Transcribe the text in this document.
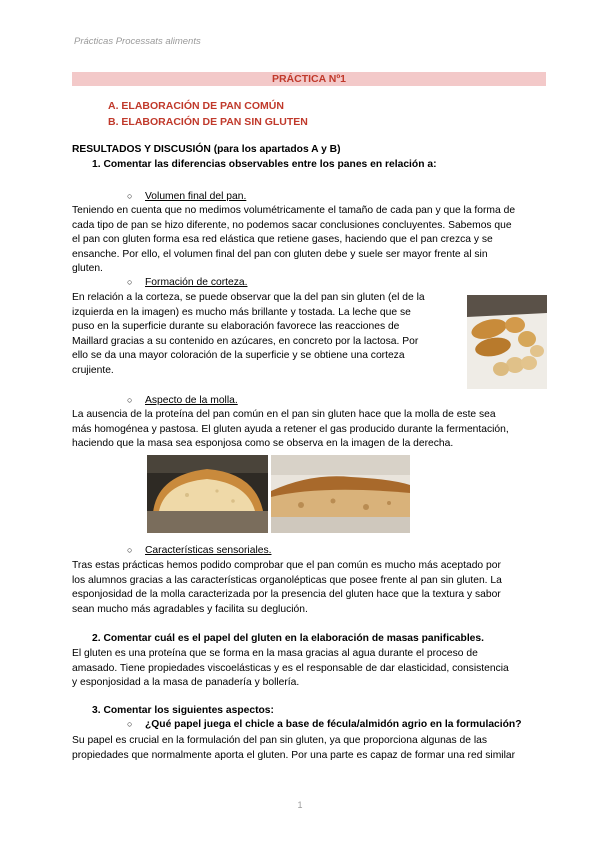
Prácticas Processats aliments
PRÁCTICA Nº1
A. ELABORACIÓN DE PAN COMÚN
B. ELABORACIÓN DE PAN SIN GLUTEN
RESULTADOS Y DISCUSIÓN (para los apartados A y B)
1. Comentar las diferencias observables entre los panes en relación a:
○ Volumen final del pan.
Teniendo en cuenta que no medimos volumétricamente el tamaño de cada pan y que la forma de
cada tipo de pan se hizo diferente, no podemos sacar conclusiones concluyentes. Sabemos que
el pan con gluten forma esa red elástica que retiene gases, haciendo que el pan crezca y se
ensanche. Por ello, el volumen final del pan con gluten debe y suele ser mayor frente al sin
gluten.
○ Formación de corteza.
En relación a la corteza, se puede observar que la del pan sin gluten (el de la
izquierda en la imagen) es mucho más brillante y tostada. La leche que se
puso en la superficie durante su elaboración favorece las reacciones de
Maillard gracias a su contenido en azúcares, en concreto por la lactosa. Por
ello se da una mayor coloración de la superficie y se obtiene una corteza
crujiente.
○ Aspecto de la molla.
La ausencia de la proteína del pan común en el pan sin gluten hace que la molla de este sea
más homogénea y pastosa. El gluten ayuda a retener el gas producido durante la fermentación,
haciendo que la masa sea esponjosa como se observa en la imagen de la derecha.
○ Características sensoriales.
Tras estas prácticas hemos podido comprobar que el pan común es mucho más aceptado por
los alumnos gracias a las características organolépticas que posee frente al pan sin gluten. La
esponjosidad de la molla caracterizada por la presencia del gluten hace que la textura y sabor
sean mucho más agradables y facilita su deglución.
2. Comentar cuál es el papel del gluten en la elaboración de masas panificables.
El gluten es una proteína que se forma en la masa gracias al agua durante el proceso de
amasado. Tiene propiedades viscoelásticas y es el responsable de dar elasticidad, consistencia
y esponjosidad a la masa de panadería y bollería.
3. Comentar los siguientes aspectos:
○ ¿Qué papel juega el chicle a base de fécula/almidón agrio en la formulación?
Su papel es crucial en la formulación del pan sin gluten, ya que proporciona algunas de las
propiedades que normalmente aporta el gluten. Por una parte es capaz de formar una red similar
1
